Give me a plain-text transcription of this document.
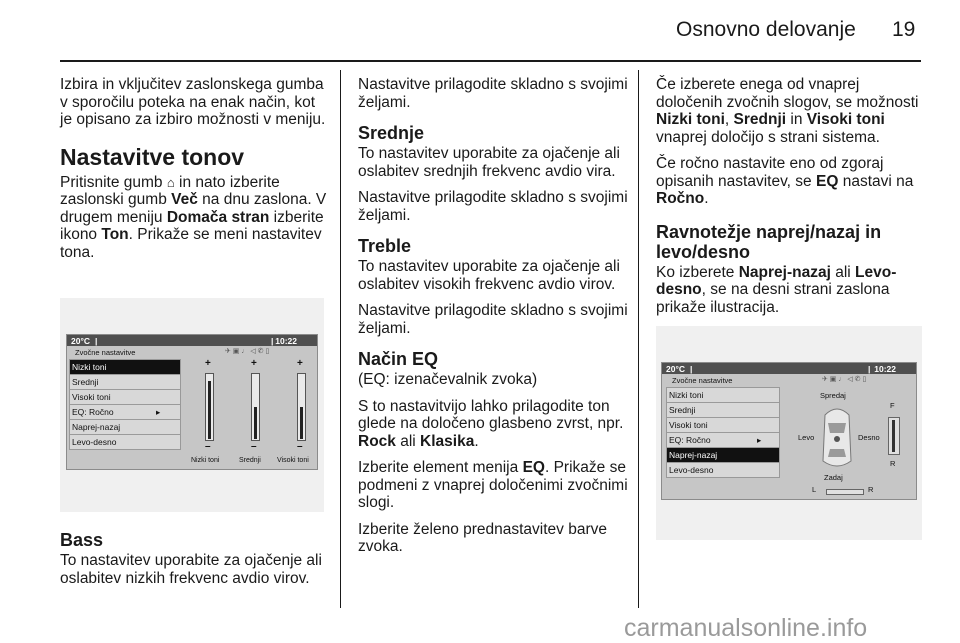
Osnovno delovanje 19

Izbira in vključitev zaslonskega gumba v sporočilu poteka na enak način, kot je opisano za izbiro možnosti v meniju.

Nastavitve tonov

Pritisnite gumb ⌂ in nato izberite zaslonski gumb Več na dnu zaslona. V drugem meniju Domača stran izberite ikono Ton. Prikaže se meni nastavitev tona.

20°C |	| 10:22
Zvočne nastavitve	✈ ▣ ♩ ◁ ✆ ▯
Nizki toni
Srednji
Visoki toni
EQ: Ročno	▸
Naprej-nazaj
Levo-desno
+
–
+
–
+
–
Nizki toni	Srednji Visoki toni
Bass

To nastavitev uporabite za ojačenje ali oslabitev nizkih frekvenc avdio virov.

Nastavitve prilagodite skladno s svojimi željami.

Srednje

To nastavitev uporabite za ojačenje ali oslabitev srednjih frekvenc avdio vira.

Nastavitve prilagodite skladno s svojimi željami.

Treble

To nastavitev uporabite za ojačenje ali oslabitev visokih frekvenc avdio virov.

Nastavitve prilagodite skladno s svojimi željami.

Način EQ

(EQ: izenačevalnik zvoka)

S to nastavitvijo lahko prilagodite ton glede na določeno glasbeno zvrst, npr. Rock ali Klasika.

Izberite element menija EQ. Prikaže se podmeni z vnaprej določenimi zvočnimi slogi.

Izberite želeno prednastavitev barve zvoka.

Če izberete enega od vnaprej določenih zvočnih slogov, se možnosti Nizki toni, Srednji in Visoki toni vnaprej določijo s strani sistema.

Če ročno nastavite eno od zgoraj opisanih nastavitev, se EQ nastavi na Ročno.

Ravnotežje naprej/nazaj in levo/desno

Ko izberete Naprej-nazaj ali Levo-desno, se na desni strani zaslona prikaže ilustracija.

20°C |	| 10:22
Zvočne nastavitve	✈ ▣ ♩ ◁ ✆ ▯
Nizki toni
Srednji
Visoki toni
EQ: Ročno	▸
Naprej-nazaj
Levo-desno
Spredaj
Levo	Desno
Zadaj
F
R
L	R
carmanualsonline.info
